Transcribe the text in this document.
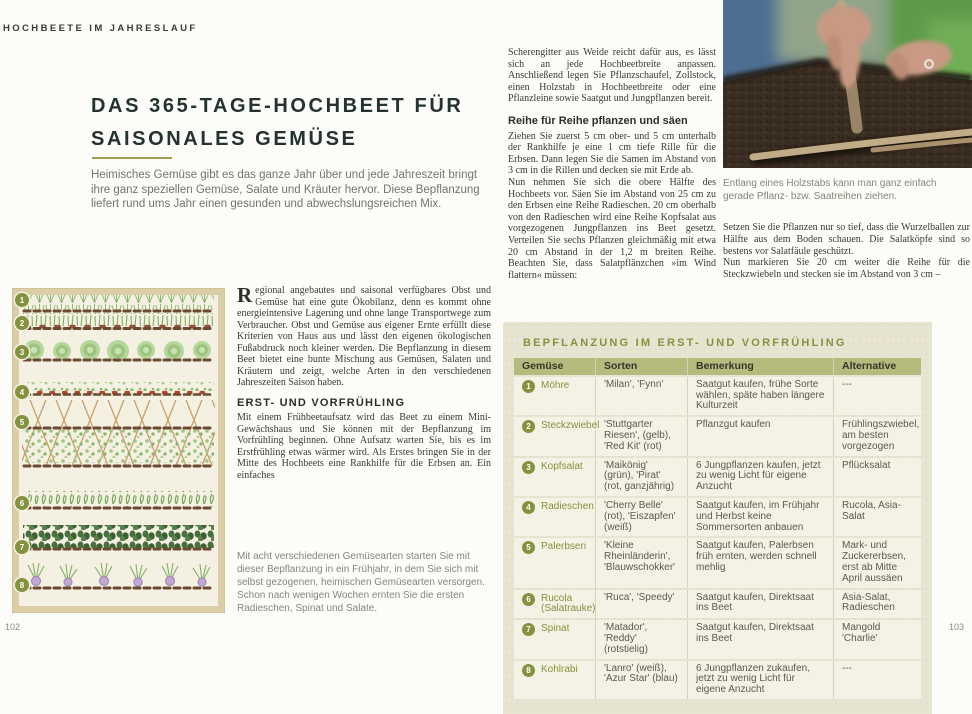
HOCHBEETE IM JAHRESLAUF
DAS 365-TAGE-HOCHBEET FÜR
SAISONALES GEMÜSE
Heimisches Gemüse gibt es das ganze Jahr über und jede Jahreszeit bringt ihre ganz speziellen Gemüse, Salate und Kräuter hervor. Diese Bepflanzung liefert rund ums Jahr einen gesunden und abwechslungsreichen Mix.
1
2
3
4
5
6
7
8

Regional angebautes und saisonal verfügbares Obst und Gemüse hat eine gute Ökobilanz, denn es kommt ohne energieintensive Lagerung und ohne lange Transportwege zum Verbraucher. Obst und Gemüse aus eigener Ernte erfüllt diese Kriterien von Haus aus und lässt den eigenen ökologischen Fußabdruck noch kleiner werden. Die Bepflanzung in diesem Beet bietet eine bunte Mischung aus Gemüsen, Salaten und Kräutern und zeigt, welche Arten in den verschiedenen Jahreszeiten Saison haben.

ERST- UND VORFRÜHLING

Mit einem Frühbeetaufsatz wird das Beet zu einem Mini-Gewächshaus und Sie können mit der Bepflanzung im Vorfrühling beginnen. Ohne Aufsatz warten Sie, bis es im Erstfrühling etwas wärmer wird. Als Erstes bringen Sie in der Mitte des Hochbeets eine Rankhilfe für die Erbsen an. Ein einfaches

Mit acht verschiedenen Gemüsearten starten Sie mit dieser Bepflanzung in ein Frühjahr, in dem Sie sich mit selbst gezogenen, heimischen Gemüsearten versorgen. Schon nach wenigen Wochen ernten Sie die ersten Radieschen, Spinat und Salate.
102

Scherengitter aus Weide reicht dafür aus, es lässt sich an jede Hochbeetbreite anpassen. Anschließend legen Sie Pflanzschaufel, Zollstock, einen Holzstab in Hochbeetbreite oder eine Pflanzleine sowie Saatgut und Jungpflanzen bereit.

Reihe für Reihe pflanzen und säen

Ziehen Sie zuerst 5 cm ober- und 5 cm unterhalb der Rankhilfe je eine 1 cm tiefe Rille für die Erbsen. Dann legen Sie die Samen im Abstand von 3 cm in die Rillen und decken sie mit Erde ab.

Nun nehmen Sie sich die obere Hälfte des Hochbeets vor. Säen Sie im Abstand von 25 cm zu den Erbsen eine Reihe Radieschen. 20 cm oberhalb von den Radieschen wird eine Reihe Kopfsalat aus vorgezogenen Jungpflanzen ins Beet gesetzt. Verteilen Sie sechs Pflanzen gleichmäßig mit etwa 20 cm Abstand in der 1,2 m breiten Reihe. Beachten Sie, dass Salatpflänzchen »im Wind flattern« müssen:

Entlang eines Holzstabs kann man ganz einfach gerade Pflanz- bzw. Saatreihen ziehen.

Setzen Sie die Pflanzen nur so tief, dass die Wurzelballen zur Hälfte aus dem Boden schauen. Die Salatköpfe sind so bestens vor Salatfäule geschützt.

Nun markieren Sie 20 cm weiter die Reihe für die Steckzwiebeln und stecken sie im Abstand von 3 cm –

BEPFLANZUNG IM ERST- UND VORFRÜHLING
Gemüse	Sorten	Bemerkung	Alternative

1 Möhre	'Milan', 'Fynn'	Saatgut kaufen, frühe Sorte wählen, späte haben längere Kulturzeit	---

2 Steckzwiebel	'Stuttgarter Riesen', (gelb), 'Red Kit' (rot)	Pflanzgut kaufen	Frühlingszwiebel, am besten vorgezogen

3 Kopfsalat	'Maikönig' (grün), 'Pirat' (rot, ganzjährig)	6 Jungpflanzen kaufen, jetzt zu wenig Licht für eigene Anzucht	Pflücksalat

4 Radieschen	'Cherry Belle' (rot), 'Eiszapfen' (weiß)	Saatgut kaufen, im Frühjahr und Herbst keine Sommersorten anbauen	Rucola, Asia-Salat

5 Palerbsen	'Kleine Rheinländerin', 'Blauwschokker'	Saatgut kaufen, Palerbsen früh ernten, werden schnell mehlig	Mark- und Zuckererbsen, erst ab Mitte April aussäen

6 Rucola (Salatrauke)	'Ruca', 'Speedy'	Saatgut kaufen, Direktsaat ins Beet	Asia-Salat, Radieschen

7 Spinat	'Matador', 'Reddy' (rotstielig)	Saatgut kaufen, Direktsaat ins Beet	Mangold 'Charlie'

8 Kohlrabi	'Lanro' (weiß), 'Azur Star' (blau)	6 Jungpflanzen zukaufen, jetzt zu wenig Licht für eigene Anzucht	---
103
